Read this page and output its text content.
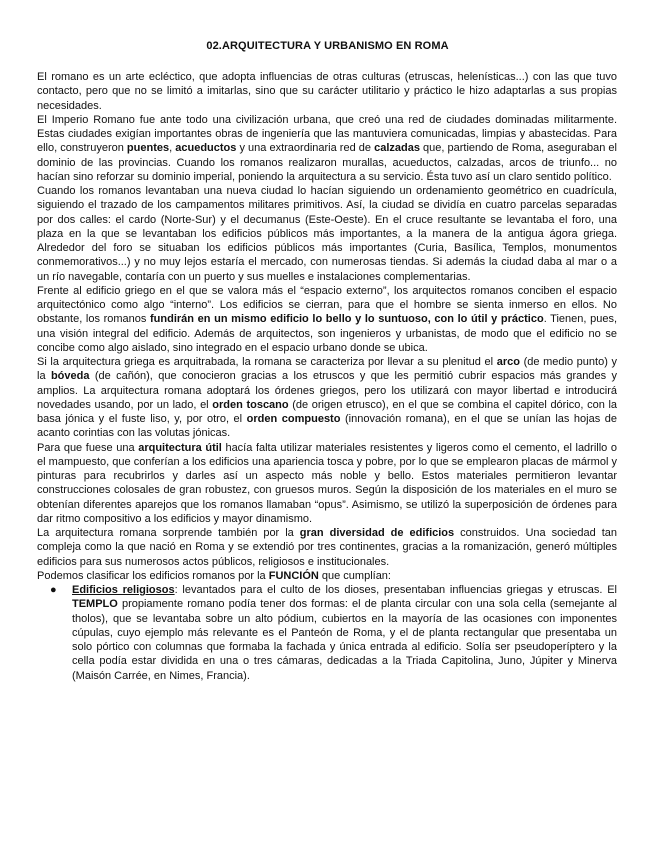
02.ARQUITECTURA Y URBANISMO EN ROMA

El romano es un arte ecléctico, que adopta influencias de otras culturas (etruscas, helenísticas...) con las que tuvo contacto, pero que no se limitó a imitarlas, sino que su carácter utilitario y práctico le hizo adaptarlas a sus propias necesidades.

El Imperio Romano fue ante todo una civilización urbana, que creó una red de ciudades dominadas militarmente. Estas ciudades exigían importantes obras de ingeniería que las mantuviera comunicadas, limpias y abastecidas. Para ello, construyeron puentes, acueductos y una extraordinaria red de calzadas que, partiendo de Roma, aseguraban el dominio de las provincias. Cuando los romanos realizaron murallas, acueductos, calzadas, arcos de triunfo... no hacían sino reforzar su dominio imperial, poniendo la arquitectura a su servicio. Ésta tuvo así un claro sentido político.

Cuando los romanos levantaban una nueva ciudad lo hacían siguiendo un ordenamiento geométrico en cuadrícula, siguiendo el trazado de los campamentos militares primitivos. Así, la ciudad se dividía en cuatro parcelas separadas por dos calles: el cardo (Norte-Sur) y el decumanus (Este-Oeste). En el cruce resultante se levantaba el foro, una plaza en la que se levantaban los edificios públicos más importantes, a la manera de la antigua ágora griega. Alrededor del foro se situaban los edificios públicos más importantes (Curia, Basílica, Templos, monumentos conmemorativos...) y no muy lejos estaría el mercado, con numerosas tiendas. Si además la ciudad daba al mar o a un río navegable, contaría con un puerto y sus muelles e instalaciones complementarias.

Frente al edificio griego en el que se valora más el “espacio externo”, los arquitectos romanos conciben el espacio arquitectónico como algo “interno”. Los edificios se cierran, para que el hombre se sienta inmerso en ellos. No obstante, los romanos fundirán en un mismo edificio lo bello y lo suntuoso, con lo útil y práctico. Tienen, pues, una visión integral del edificio. Además de arquitectos, son ingenieros y urbanistas, de modo que el edificio no se concibe como algo aislado, sino integrado en el espacio urbano donde se ubica.

Si la arquitectura griega es arquitrabada, la romana se caracteriza por llevar a su plenitud el arco (de medio punto) y la bóveda (de cañón), que conocieron gracias a los etruscos y que les permitió cubrir espacios más grandes y amplios. La arquitectura romana adoptará los órdenes griegos, pero los utilizará con mayor libertad e introducirá novedades usando, por un lado, el orden toscano (de origen etrusco), en el que se combina el capitel dórico, con la basa jónica y el fuste liso, y, por otro, el orden compuesto (innovación romana), en el que se unían las hojas de acanto corintias con las volutas jónicas.

Para que fuese una arquitectura útil hacía falta utilizar materiales resistentes y ligeros como el cemento, el ladrillo o el mampuesto, que conferían a los edificios una apariencia tosca y pobre, por lo que se emplearon placas de mármol y pinturas para recubrirlos y darles así un aspecto más noble y bello. Estos materiales permitieron levantar construcciones colosales de gran robustez, con gruesos muros. Según la disposición de los materiales en el muro se obtenían diferentes aparejos que los romanos llamaban “opus”. Asimismo, se utilizó la superposición de órdenes para dar ritmo compositivo a los edificios y mayor dinamismo.

La arquitectura romana sorprende también por la gran diversidad de edificios construidos. Una sociedad tan compleja como la que nació en Roma y se extendió por tres continentes, gracias a la romanización, generó múltiples edificios para sus numerosos actos públicos, religiosos e institucionales.

Podemos clasificar los edificios romanos por la FUNCIÓN que cumplían:

● Edificios religiosos: levantados para el culto de los dioses, presentaban influencias griegas y etruscas. El TEMPLO propiamente romano podía tener dos formas: el de planta circular con una sola cella (semejante al tholos), que se levantaba sobre un alto pódium, cubiertos en la mayoría de las ocasiones con imponentes cúpulas, cuyo ejemplo más relevante es el Panteón de Roma, y el de planta rectangular que presentaba un solo pórtico con columnas que formaba la fachada y única entrada al edificio. Solía ser pseudoperíptero y la cella podía estar dividida en una o tres cámaras, dedicadas a la Triada Capitolina, Juno, Júpiter y Minerva (Maisón Carrée, en Nimes, Francia).
